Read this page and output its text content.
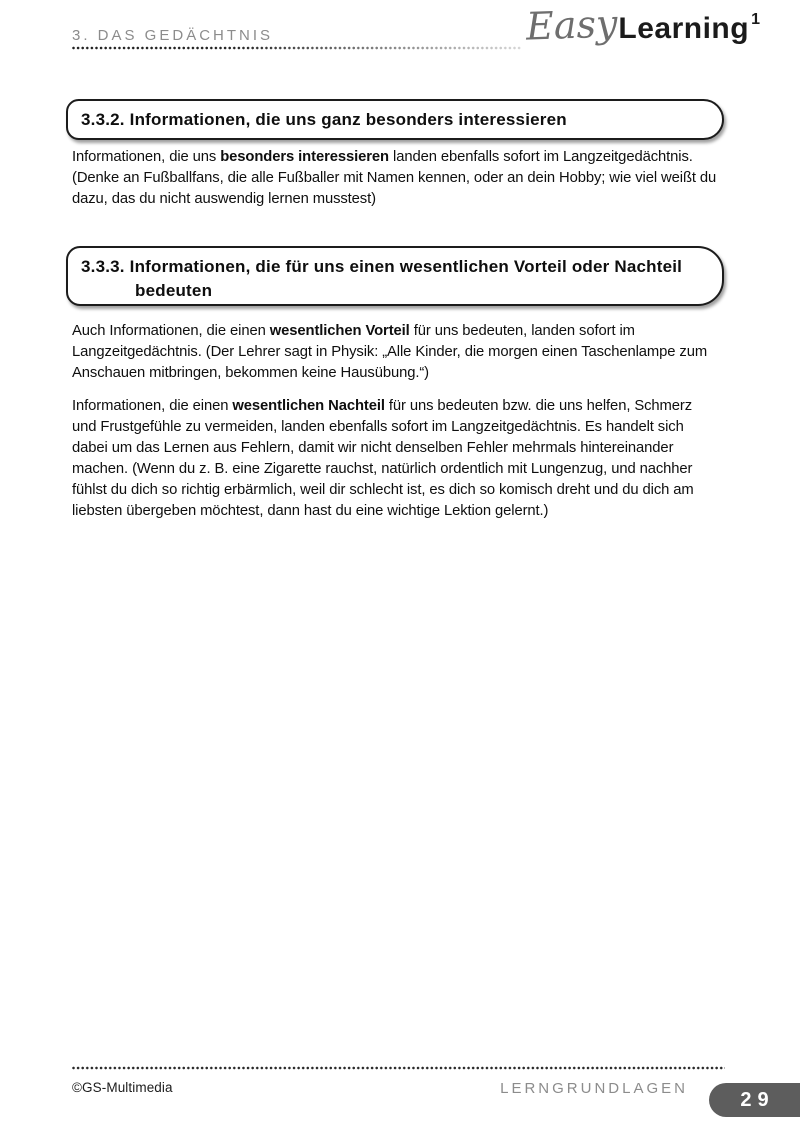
3. DAS GEDÄCHTNIS	Easy Learning 1
3.3.2. Informationen, die uns ganz besonders interessieren

Informationen, die uns besonders interessieren landen ebenfalls sofort im Langzeitgedächtnis. (Denke an Fußballfans, die alle Fußballer mit Namen kennen, oder an dein Hobby; wie viel weißt du dazu, das du nicht auswendig lernen musstest)

3.3.3. Informationen, die für uns einen wesentlichen Vorteil oder Nachteil
bedeuten

Auch Informationen, die einen wesentlichen Vorteil für uns bedeuten, landen sofort im Langzeitgedächtnis. (Der Lehrer sagt in Physik: „Alle Kinder, die morgen einen Taschenlampe zum Anschauen mitbringen, bekommen keine Hausübung.“)

Informationen, die einen wesentlichen Nachteil für uns bedeuten bzw. die uns helfen, Schmerz und Frustgefühle zu vermeiden, landen ebenfalls sofort im Langzeitgedächtnis. Es handelt sich dabei um das Lernen aus Fehlern, damit wir nicht denselben Fehler mehrmals hintereinander machen. (Wenn du z. B. eine Zigarette rauchst, natürlich ordentlich mit Lungenzug, und nachher fühlst du dich so richtig erbärmlich, weil dir schlecht ist, es dich so komisch dreht und du dich am liebsten übergeben möchtest, dann hast du eine wichtige Lektion gelernt.)

©GS-Multimedia	LERNGRUNDLAGEN	29
